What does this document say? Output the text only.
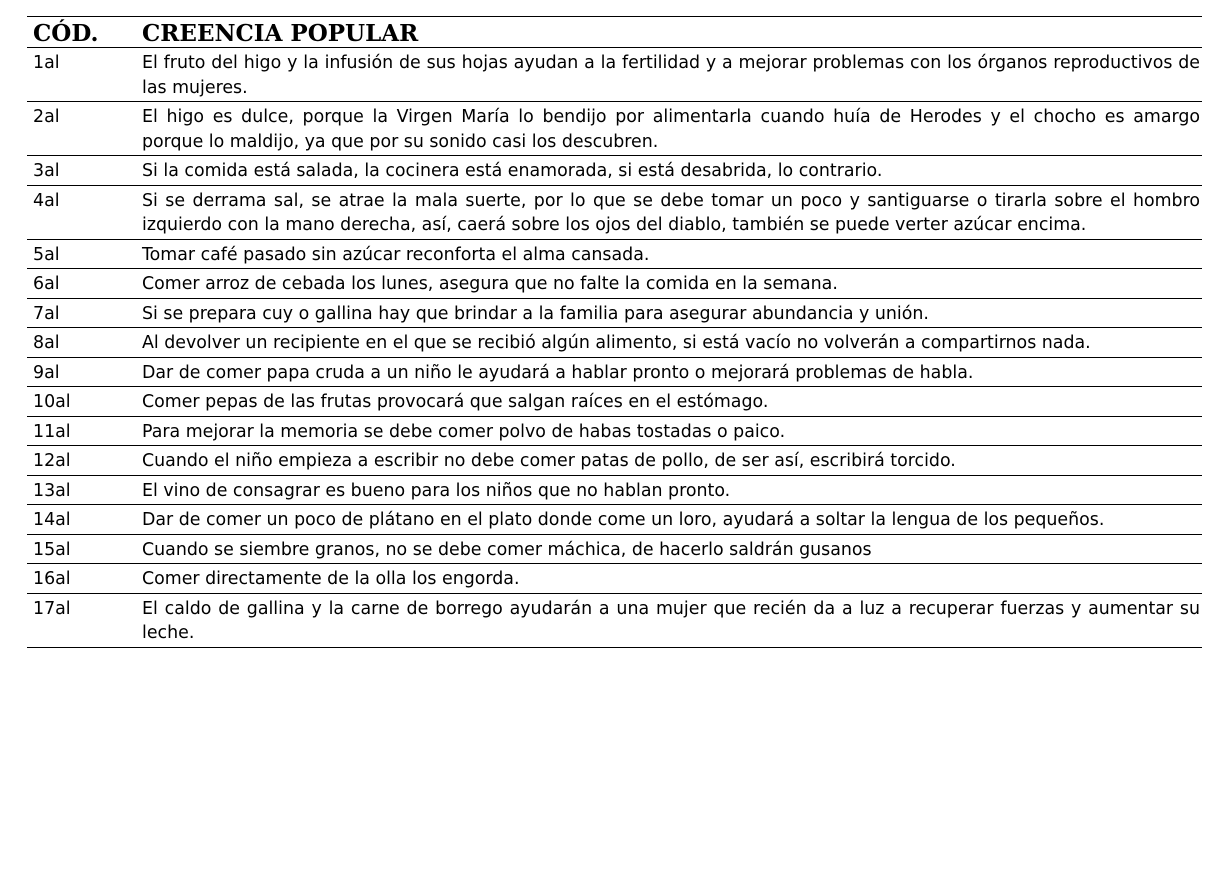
CÓD.	CREENCIA POPULAR
1al	El fruto del higo y la infusión de sus hojas ayudan a la fertilidad y a mejorar problemas con los órganos reproductivos de las mujeres.
2al	El higo es dulce, porque la Virgen María lo bendijo por alimentarla cuando huía de Herodes y el chocho es amargo porque lo maldijo, ya que por su sonido casi los descubren.
3al	Si la comida está salada, la cocinera está enamorada, si está desabrida, lo contrario.
4al	Si se derrama sal, se atrae la mala suerte, por lo que se debe tomar un poco y santiguarse o tirarla sobre el hombro izquierdo con la mano derecha, así, caerá sobre los ojos del diablo, también se puede verter azúcar encima.
5al	Tomar café pasado sin azúcar reconforta el alma cansada.
6al	Comer arroz de cebada los lunes, asegura que no falte la comida en la semana.
7al	Si se prepara cuy o gallina hay que brindar a la familia para asegurar abundancia y unión.
8al	Al devolver un recipiente en el que se recibió algún alimento, si está vacío no volverán a compartirnos nada.
9al	Dar de comer papa cruda a un niño le ayudará a hablar pronto o mejorará problemas de habla.
10al	Comer pepas de las frutas provocará que salgan raíces en el estómago.
11al	Para mejorar la memoria se debe comer polvo de habas tostadas o paico.
12al	Cuando el niño empieza a escribir no debe comer patas de pollo, de ser así, escribirá torcido.
13al	El vino de consagrar es bueno para los niños que no hablan pronto.
14al	Dar de comer un poco de plátano en el plato donde come un loro, ayudará a soltar la lengua de los pequeños.
15al	Cuando se siembre granos, no se debe comer máchica, de hacerlo saldrán gusanos
16al	Comer directamente de la olla los engorda.
17al	El caldo de gallina y la carne de borrego ayudarán a una mujer que recién da a luz a recuperar fuerzas y aumentar su leche.
